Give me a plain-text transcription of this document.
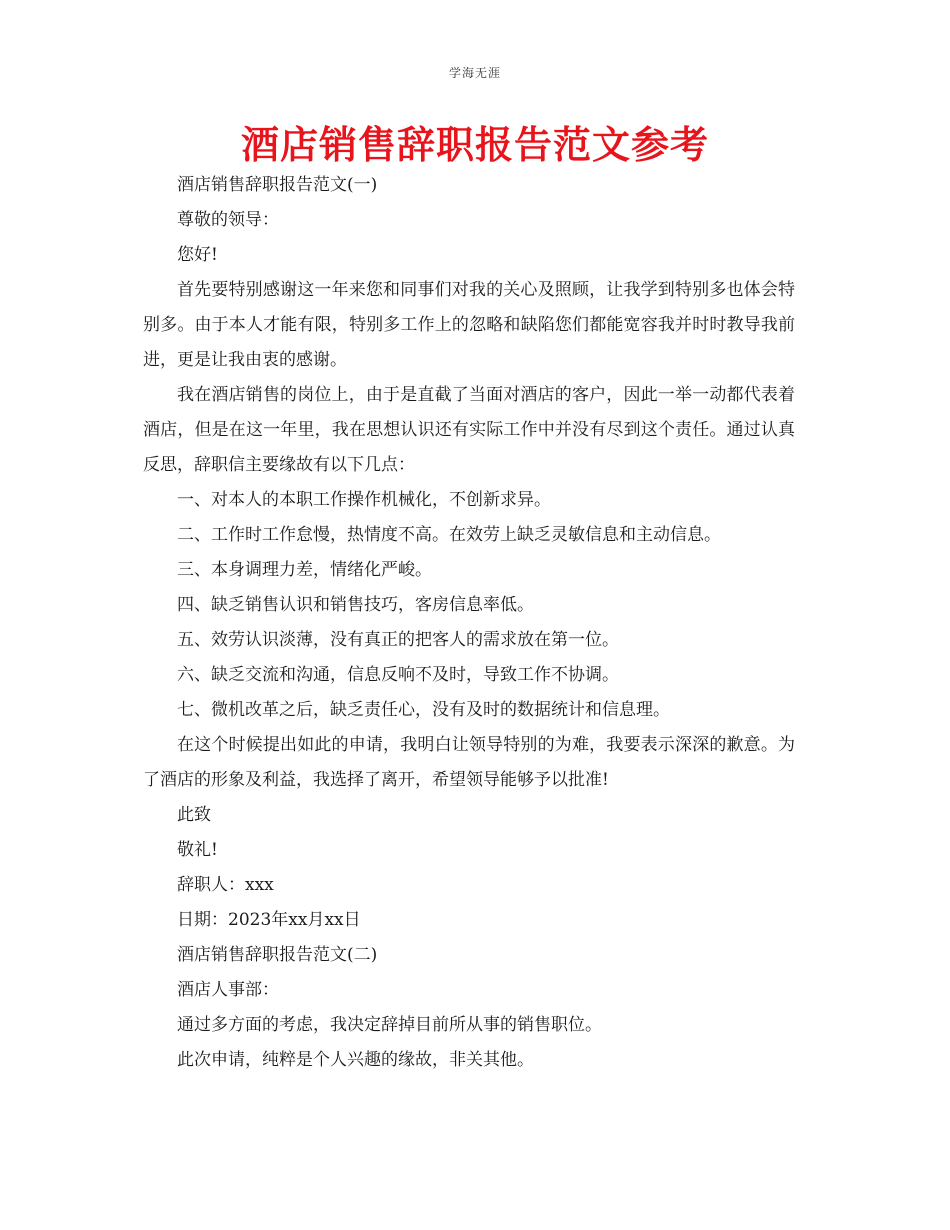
学海无涯
酒店销售辞职报告范文参考

酒店销售辞职报告范文(一)

尊敬的领导：

您好!

首先要特别感谢这一年来您和同事们对我的关心及照顾，让我学到特别多也体会特别多。由于本人才能有限，特别多工作上的忽略和缺陷您们都能宽容我并时时教导我前进，更是让我由衷的感谢。

我在酒店销售的岗位上，由于是直截了当面对酒店的客户，因此一举一动都代表着酒店，但是在这一年里，我在思想认识还有实际工作中并没有尽到这个责任。通过认真反思，辞职信主要缘故有以下几点：

一、对本人的本职工作操作机械化，不创新求异。

二、工作时工作怠慢，热情度不高。在效劳上缺乏灵敏信息和主动信息。

三、本身调理力差，情绪化严峻。

四、缺乏销售认识和销售技巧，客房信息率低。

五、效劳认识淡薄，没有真正的把客人的需求放在第一位。

六、缺乏交流和沟通，信息反响不及时，导致工作不协调。

七、微机改革之后，缺乏责任心，没有及时的数据统计和信息理。

在这个时候提出如此的申请，我明白让领导特别的为难，我要表示深深的歉意。为了酒店的形象及利益，我选择了离开，希望领导能够予以批准!

此致

敬礼!

辞职人：xxx

日期：2023年xx月xx日

酒店销售辞职报告范文(二)

酒店人事部：

通过多方面的考虑，我决定辞掉目前所从事的销售职位。

此次申请，纯粹是个人兴趣的缘故，非关其他。
